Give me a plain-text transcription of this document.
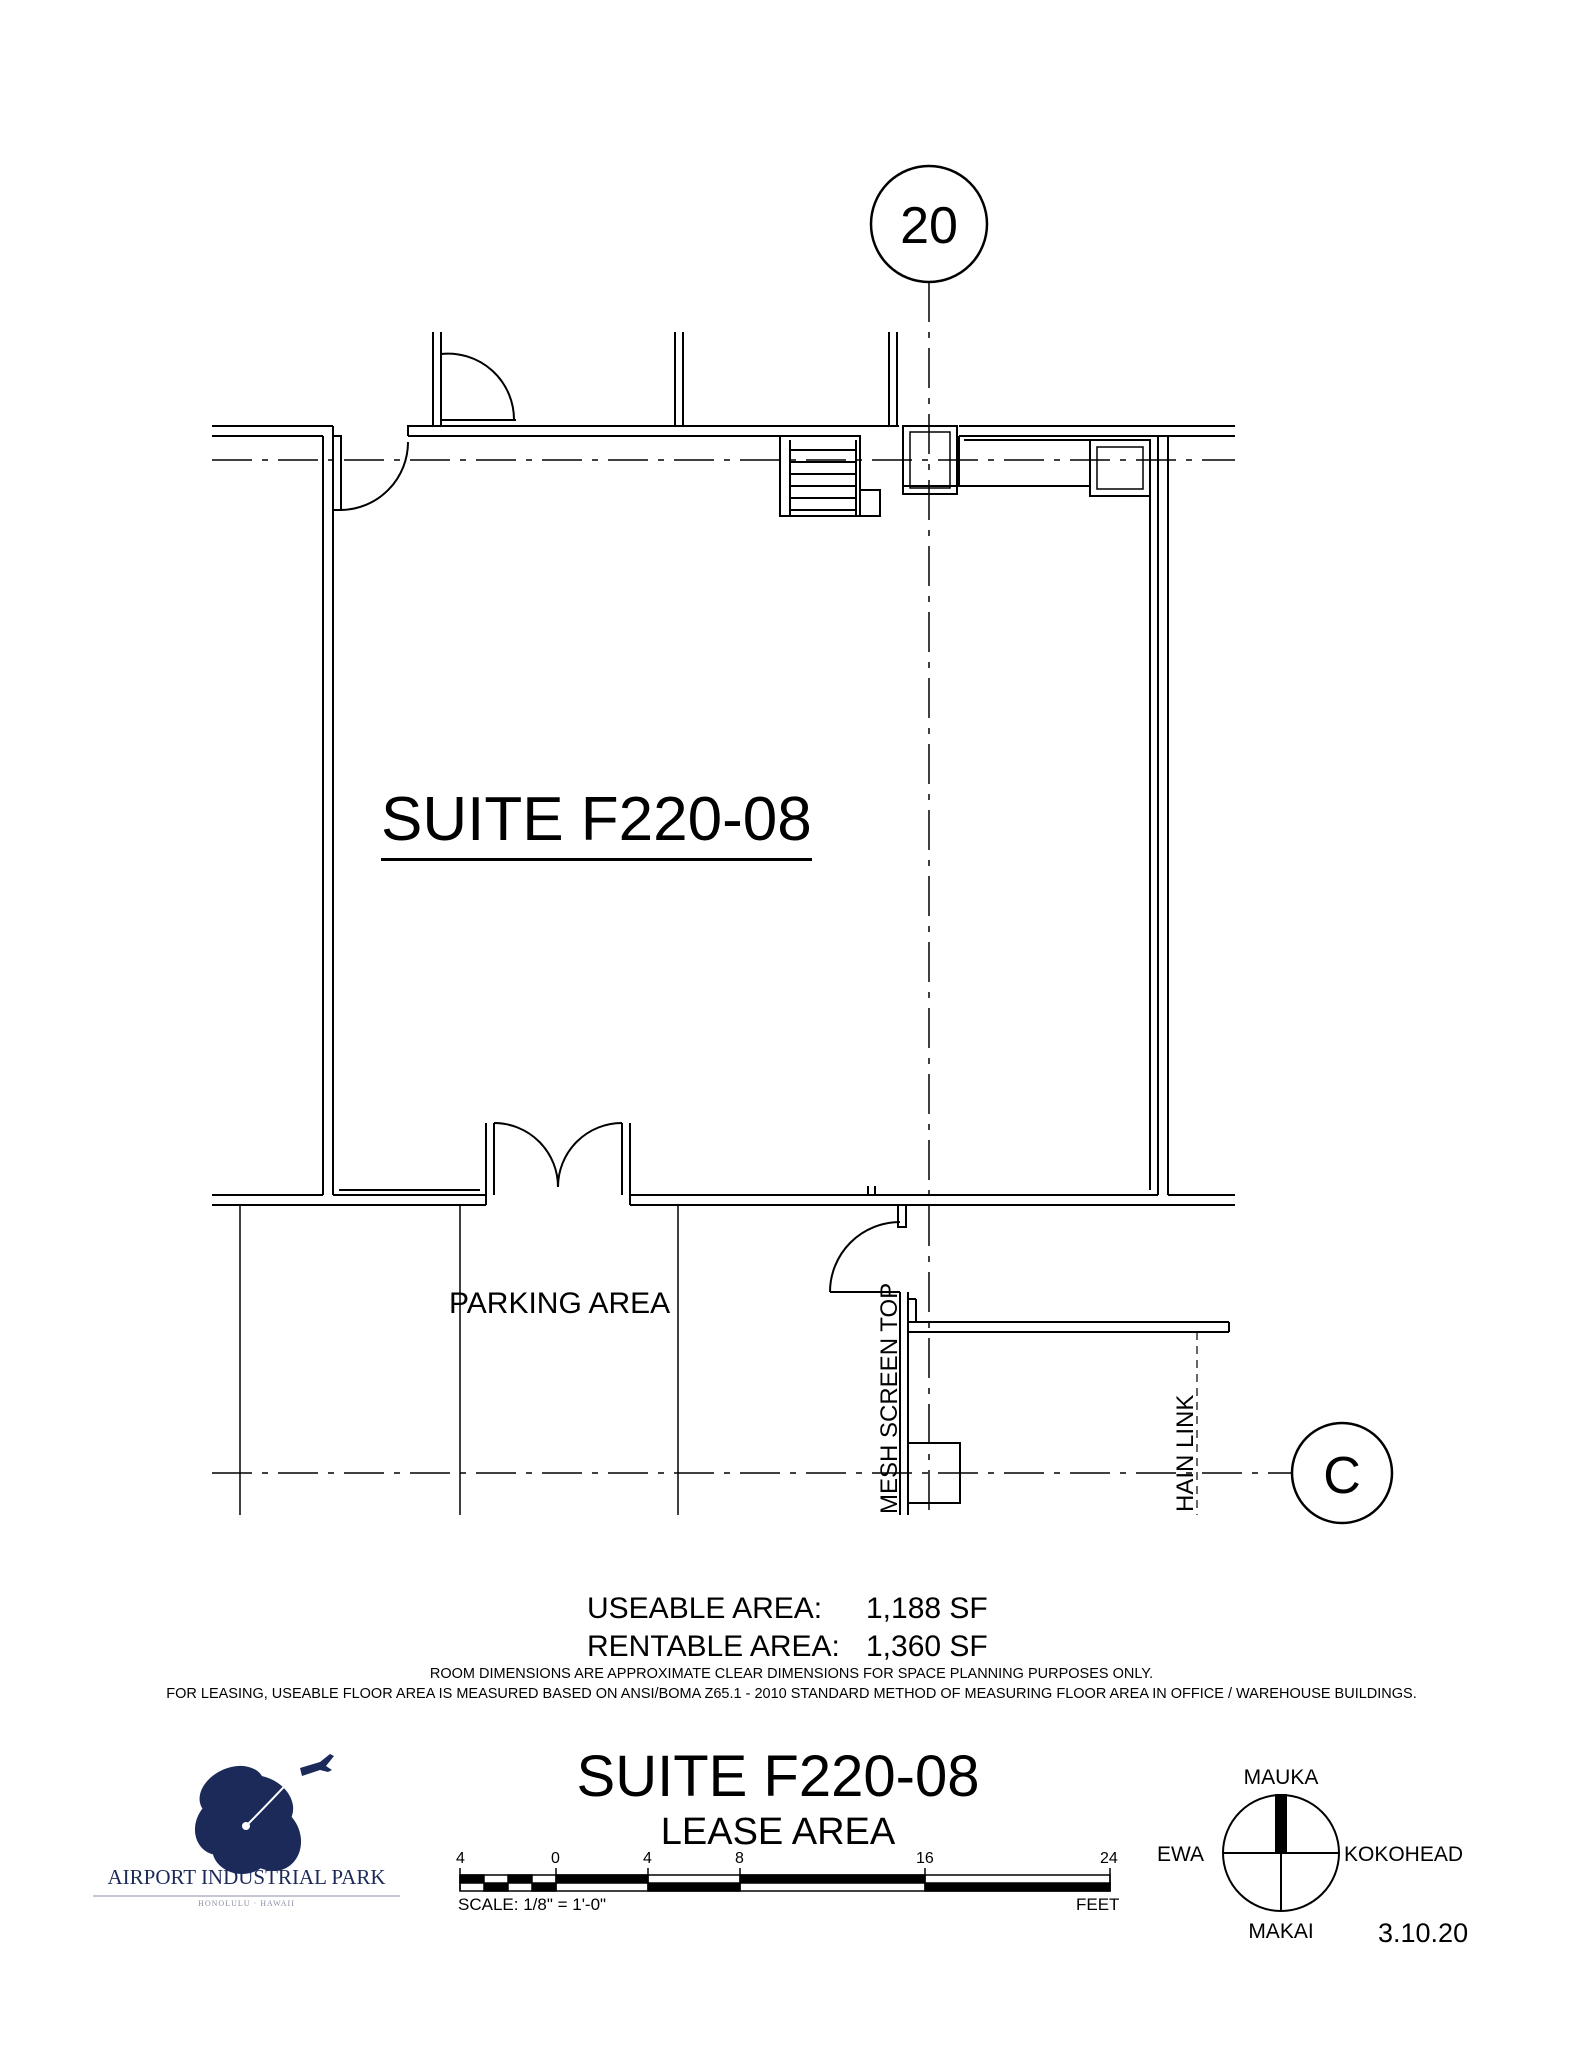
20
C
SUITE F220-08
PARKING AREA	MESH SCREEN TOP	HAIN LINK
USEABLE AREA: 1,188 SF
RENTABLE AREA: 1,360 SF
ROOM DIMENSIONS ARE APPROXIMATE CLEAR DIMENSIONS FOR SPACE PLANNING PURPOSES ONLY.
FOR LEASING, USEABLE FLOOR AREA IS MEASURED BASED ON ANSI/BOMA Z65.1 - 2010 STANDARD METHOD OF MEASURING FLOOR AREA IN OFFICE / WAREHOUSE BUILDINGS.
AIRPORT INDUSTRIAL PARK
HONOLULU · HAWAII
SUITE F220-08
LEASE AREA
4	0	4	8	16	24
SCALE: 1/8" = 1'-0"	FEET
MAUKA
MAKAI
EWA	KOKOHEAD
3.10.20
